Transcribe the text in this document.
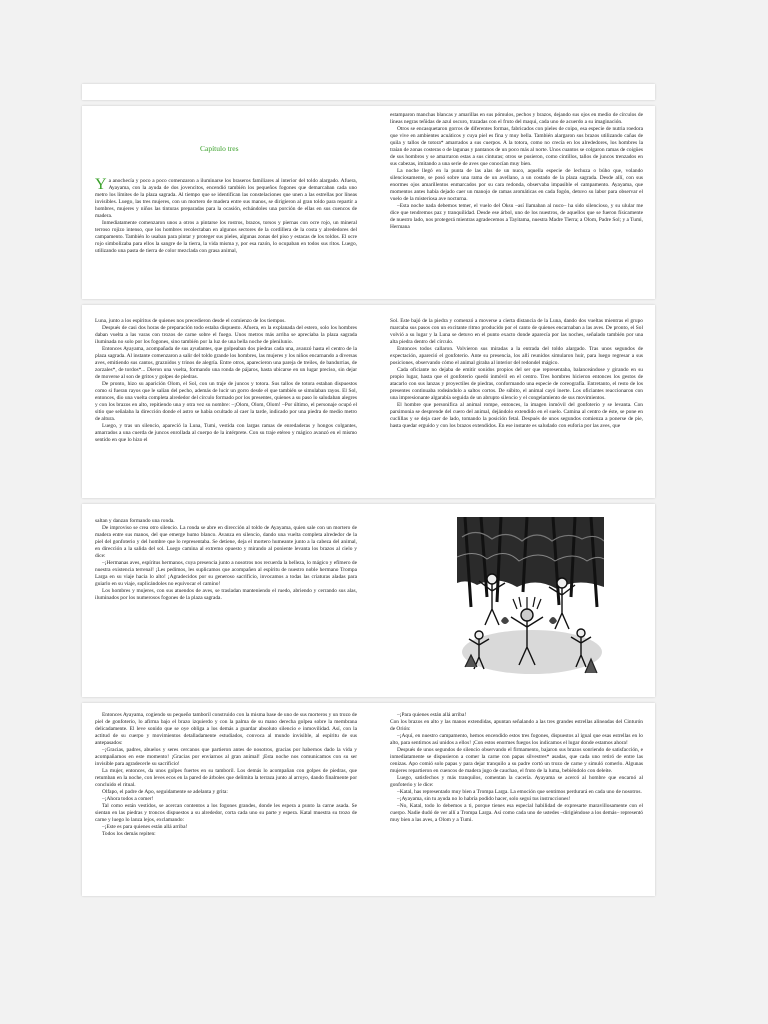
Capítulo tres

Ya anochecía y poco a poco comenzaron a iluminarse los braseros familiares al interior del toldo alargado. Afuera, Ayayama, con la ayuda de dos jovencitos, encendió también los pequeños fogones que demarcaban cada uno metro los límites de la plaza sagrada. Al tiempo que se identifican las constelaciones que unen a las estrellas por líneas invisibles. Luego, las tres mujeres, con un mortero de madera entre sus manos, se dirigieron al gran toldo para repartir a hombres, mujeres y niños las tinturas preparadas para la ocasión, echándoles una porción de ellas en sus cuencos de madera.

Inmediatamente comenzaron unos a otros a pintarse los rostros, brazos, torsos y piernas con ocre rojo, un mineral terroso rojizo intenso, que los hombres recolectaban en algunos sectores de la cordillera de la costa y alrededores del campamento. También lo usaban para pintar y proteger sus pieles, algunas zonas del piso y estacas de los toldos. El ocre rojo simbolizaba para ellos la sangre de la tierra, la vida misma y, por esa razón, lo ocupaban en todos sus ritos. Luego, utilizando una pasta de tierra de color mezclada con grasa animal,

estamparon manchas blancas y amarillas en sus pómulos, pechos y brazos, dejando sus ojos en medio de círculos de líneas negras teñidas de azul oscuro, trazadas con el fruto del maqui, cada uno de acuerdo a su imaginación.

Otros se encasquetaron gorros de diferentes formas, fabricados con pieles de coipo, esa especie de nutria roedora que vive en ambientes acuáticos y cuya piel es fina y muy bella. También alargaron sus brazos utilizando cañas de quila y tallos de totora* amarrados a sus cuerpos. A la totora, como no crecía en los alrededores, los hombres la traían de zonas costeras o de lagunas y pantanos de un poco más al norte. Unos cuantos se colgaron ramas de coigües de sus hombros y se amarraron estas a sus cinturas; otros se pusieron, como cintillos, tallos de juncos trenzados en sus cabezas, imitando a una serie de aves que conocían muy bien.

La noche llegó en la punta de las alas de un nuco, aquella especie de lechuza o búho que, volando silenciosamente, se posó sobre una rama de un avellano, a un costado de la plaza sagrada. Desde allí, con sus enormes ojos amarillentos enmarcados por su cara redonda, observaba impasible el campamento. Ayayama, que momentos antes había dejado caer un manojo de ramas aromáticas en cada fogón, detuvo su labor para observar el vuelo de la misteriosa ave nocturna.

–Esta noche nada debemos temer, el vuelo del Oksu –así llamaban al nuco– ha sido silencioso, y su ulular me dice que tendremos paz y tranquilidad. Desde ese árbol, uno de los nuestros, de aquellos que se fueron físicamente de nuestro lado, nos protegerá mientras agradecemos a Tayitama, nuestra Madre Tierra; a Olom, Padre Sol; y a Tumi, Hermana

Luna, junto a los espíritus de quienes nos precedieron desde el comienzo de los tiempos.

Después de casi dos horas de preparación todo estaba dispuesto. Afuera, en la explanada del estero, solo los hombres daban vuelta a las varas con trozos de carne sobre el fuego. Unos metros más arriba se apreciaba la plaza sagrada iluminada no solo por los fogones, sino también por la luz de una bella noche de plenilunio.

Entonces Ayayama, acompañada de sus ayudantes, que golpeaban dos piedras cada una, avanzó hasta el centro de la plaza sagrada. Al instante comenzaron a salir del toldo grande los hombres, las mujeres y los niños encarnando a diversas aves, emitiendo sus cantos, graznidos y trinos de alegría. Entre otros, aparecieron una pareja de treiles, de bandurrias, de zorzales*, de tordos*... Dieron una vuelta, formando una ronda de pájaros, hasta ubicarse en un lugar preciso, sin dejar de moverse al son de gritos y golpes de piedras.

De pronto, hizo su aparición Olom, el Sol, con un traje de juncos y totora. Sus tallos de totora estaban dispuestos como si fueran rayos que le salían del pecho, además de lucir un gorro desde el que también se simulaban rayos. El Sol, entonces, dio una vuelta completa alrededor del círculo formado por los presentes, quienes a su paso lo saludaban alegres y con los brazos en alto, repitiendo una y otra vez su nombre: –¡Olom, Olom, Olom! –Por último, el personaje ocupó el sitio que señalaba la dirección donde el astro se había ocultado al caer la tarde, indicado por una piedra de medio metro de altura.

Luego, y tras un silencio, apareció la Luna, Tumi, vestida con largas ramas de enredaderas y hongos colgantes, amarrados a una cuerda de juncos enrollada al cuerpo de la intérprete. Con su traje etéreo y mágico avanzó en el mismo sentido en que lo hizo el

Sol. Este bajó de la piedra y comenzó a moverse a cierta distancia de la Luna, dando dos vueltas mientras el grupo marcaba sus pasos con un excitante ritmo producido por el canto de quienes encarnaban a las aves. De pronto, el Sol volvió a su lugar y la Luna se detuvo en el punto exacto donde aparecía por las noches, señalado también por una alta piedra dentro del círculo.

Entonces todos callaron. Volvieron sus miradas a la entrada del toldo alargado. Tras unos segundos de expectación, apareció el gonfoterio. Ante su presencia, los allí reunidos simularon huir, para luego regresar a sus posiciones, observando cómo el animal giraba al interior del redondel mágico.

Cada oficiante no dejaba de emitir sonidos propios del ser que representaba, balanceándose y girando en su propio lugar, hasta que el gonfoterio quedó inmóvil en el centro. Tres hombres hicieron entonces los gestos de atacarlo con sus lanzas y proyectiles de piedras, conformando una especie de coreografía. Entretanto, el resto de los presentes continuaba rodeándolo a saltos cortos. De súbito, el animal cayó inerte. Los oficiantes reaccionaron con una impresionante algarabía seguida de un abrupto silencio y el congelamiento de sus movimientos.

El hombre que personifica al animal rompe, entonces, la imagen inmóvil del gonfoterio y se levanta. Con parsimonia se desprende del cuero del animal, dejándolo extendido en el suelo. Camina al centro de éste, se pone en cuclillas y se deja caer de lado, tomando la posición fetal. Después de unos segundos comienza a ponerse de pie, hasta quedar erguido y con los brazos extendidos. En ese instante es saludado con euforia por las aves, que

saltan y danzan formando una ronda.

De improviso se crea otro silencio. La ronda se abre en dirección al toldo de Ayayama, quien sale con un mortero de madera entre sus manos, del que emerge humo blanco. Avanza en silencio, dando una vuelta completa alrededor de la piel del gonfoterio y del hombre que lo representaba. Se detiene, deja el mortero humeante junto a la cabeza del animal, en dirección a la salida del sol. Luego camina al extremo opuesto y mirando al poniente levanta los brazos al cielo y dice:

–¡Hermanas aves, espíritus hermanos, cuya presencia junto a nosotros nos recuerda la belleza, lo mágico y efímero de nuestra existencia terrenal! ¡Les pedimos, les suplicamos que acompañen al espíritu de nuestro noble hermano Trompa Larga en su viaje hacia lo alto! ¡Agradecidos por su generoso sacrificio, invocamos a todas las criaturas aladas para guiarlo en su viaje, suplicándoles no equivocar el camino!

Los hombres y mujeres, con sus atuendos de aves, se trasladan manteniendo el ruedo, abriendo y cerrando sus alas, iluminados por los numerosos fogones de la plaza sagrada.

Entonces Ayayama, cogiendo su pequeño tamboril construido con la misma base de uno de sus morteros y un trozo de piel de gonfoterio, lo afirma bajo el brazo izquierdo y con la palma de su mano derecha golpea sobre la membrana delicadamente. El leve sonido que se oye obliga a los demás a guardar absoluto silencio e inmovilidad. Así, con la actitud de su cuerpo y movimientos detalladamente estudiados, convoca al mundo invisible, al espíritu de sus antepasados:

–¡Gracias, padres, abuelos y seres cercanos que partieron antes de nosotros, gracias por habernos dado la vida y acompañarnos en este momento! ¡Gracias por enviarnos al gran animal! ¡Esta noche nos comunicamos con su ser invisible para agradecerle su sacrificio!

La mujer, entonces, da unos golpes fuertes en su tamboril. Los demás lo acompañan con golpes de piedras, que retumban en la noche, con leves ecos en la pared de árboles que delimita la terraza junto al arroyo, dando finalmente por concluido el ritual.

Olfapo, el padre de Apo, seguidamente se adelanta y grita:

–¡Ahora todos a comer!

Tal como están vestidos, se acercan contentos a los fogones grandes, donde les espera a punto la carne asada. Se sientan en las piedras y troncos dispuestos a su alrededor, corta cada uno su parte y espera. Katal muestra su trozo de carne y luego lo lanza lejos, exclamando:

–¡Este es para quienes están allá arriba!

Todos los demás repiten:

–¡Para quienes están allá arriba!

Con los brazos en alto y las manos extendidas, apuntan señalando a las tres grandes estrellas alineadas del Cinturón de Orión:

–¡Aquí, en nuestro campamento, hemos encendido estos tres fogones, dispuestos al igual que esas estrellas en lo alto, para sentirnos así unidos a ellos! ¡Con estos enormes fuegos los indicamos el lugar donde estamos ahora!

Después de unos segundos de silencio observando el firmamento, bajaron sus brazos sonriendo de satisfacción, e inmediatamente se dispusieron a comer la carne con papas silvestres* asadas, que cada uno retiró de entre las cenizas. Apo comió solo papas y para dejar tranquilo a su padre cortó un trozo de carne y simuló comerlo. Algunas mujeres repartieron en cuencos de madera jugo de cauchao, el fruto de la luma, bebiéndolo con deleite.

Luego, satisfechos y más tranquilos, comentan la cacería. Ayayama se acercó al hombre que encarnó al gonfoterio y le dice:

–Katal, has representado muy bien a Trompa Larga. La emoción que sentimos perdurará en cada uno de nosotros.

–¡Ayayama, sin tu ayuda no lo habría podido hacer, solo seguí tus instrucciones!

–No, Katal, todo lo debemos a ti, porque tienes esa especial habilidad de expresarte maravillosamente con el cuerpo. Nadie dudó de ver allí a Trompa Larga. Así como cada uno de ustedes –dirigiéndose a los demás– representó muy bien a las aves, a Olom y a Tumi.
